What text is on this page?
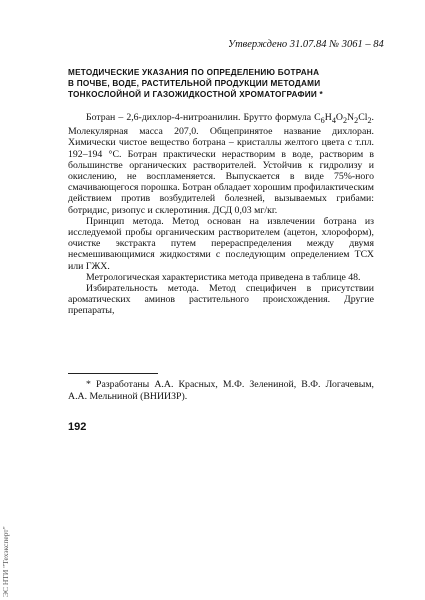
Утверждено 31.07.84 № 3061 – 84
МЕТОДИЧЕСКИЕ УКАЗАНИЯ ПО ОПРЕДЕЛЕНИЮ БОТРАНА
В ПОЧВЕ, ВОДЕ, РАСТИТЕЛЬНОЙ ПРОДУКЦИИ МЕТОДАМИ
ТОНКОСЛОЙНОЙ И ГАЗОЖИДКОСТНОЙ ХРОМАТОГРАФИИ *

Ботран – 2,6-дихлор-4-нитроанилин. Брутто формула $C_6H_4O_2N_2Cl_2$. Молекулярная масса 207,0. Общепринятое название дихлоран. Химически чистое вещество ботрана – кристаллы желтого цвета с т.пл. 192–194 °С. Ботран практически нерастворим в воде, растворим в большинстве органических растворителей. Устойчив к гидролизу и окислению, не воспламеняется. Выпускается в виде 75%-ного смачивающегося порошка. Ботран обладает хорошим профилактическим действием против возбудителей болезней, вызываемых грибами: ботридис, ризопус и склеротиния. ДСД 0,03 мг/кг.

Принцип метода. Метод основан на извлечении ботрана из исследуемой пробы органическим растворителем (ацетон, хлороформ), очистке экстракта путем перераспределения между двумя несмешивающимися жидкостями с последующим определением ТСХ или ГЖХ.

Метрологическая характеристика метода приведена в таблице 48.

Избирательность метода. Метод специфичен в присутствии ароматических аминов растительного происхождения. Другие препараты,

* Разработаны А.А. Красных, М.Ф. Зелениной, В.Ф. Логачевым, А.А. Мельниной (ВНИИЗР).

192
ЭС НТИ "Техэксперт"
